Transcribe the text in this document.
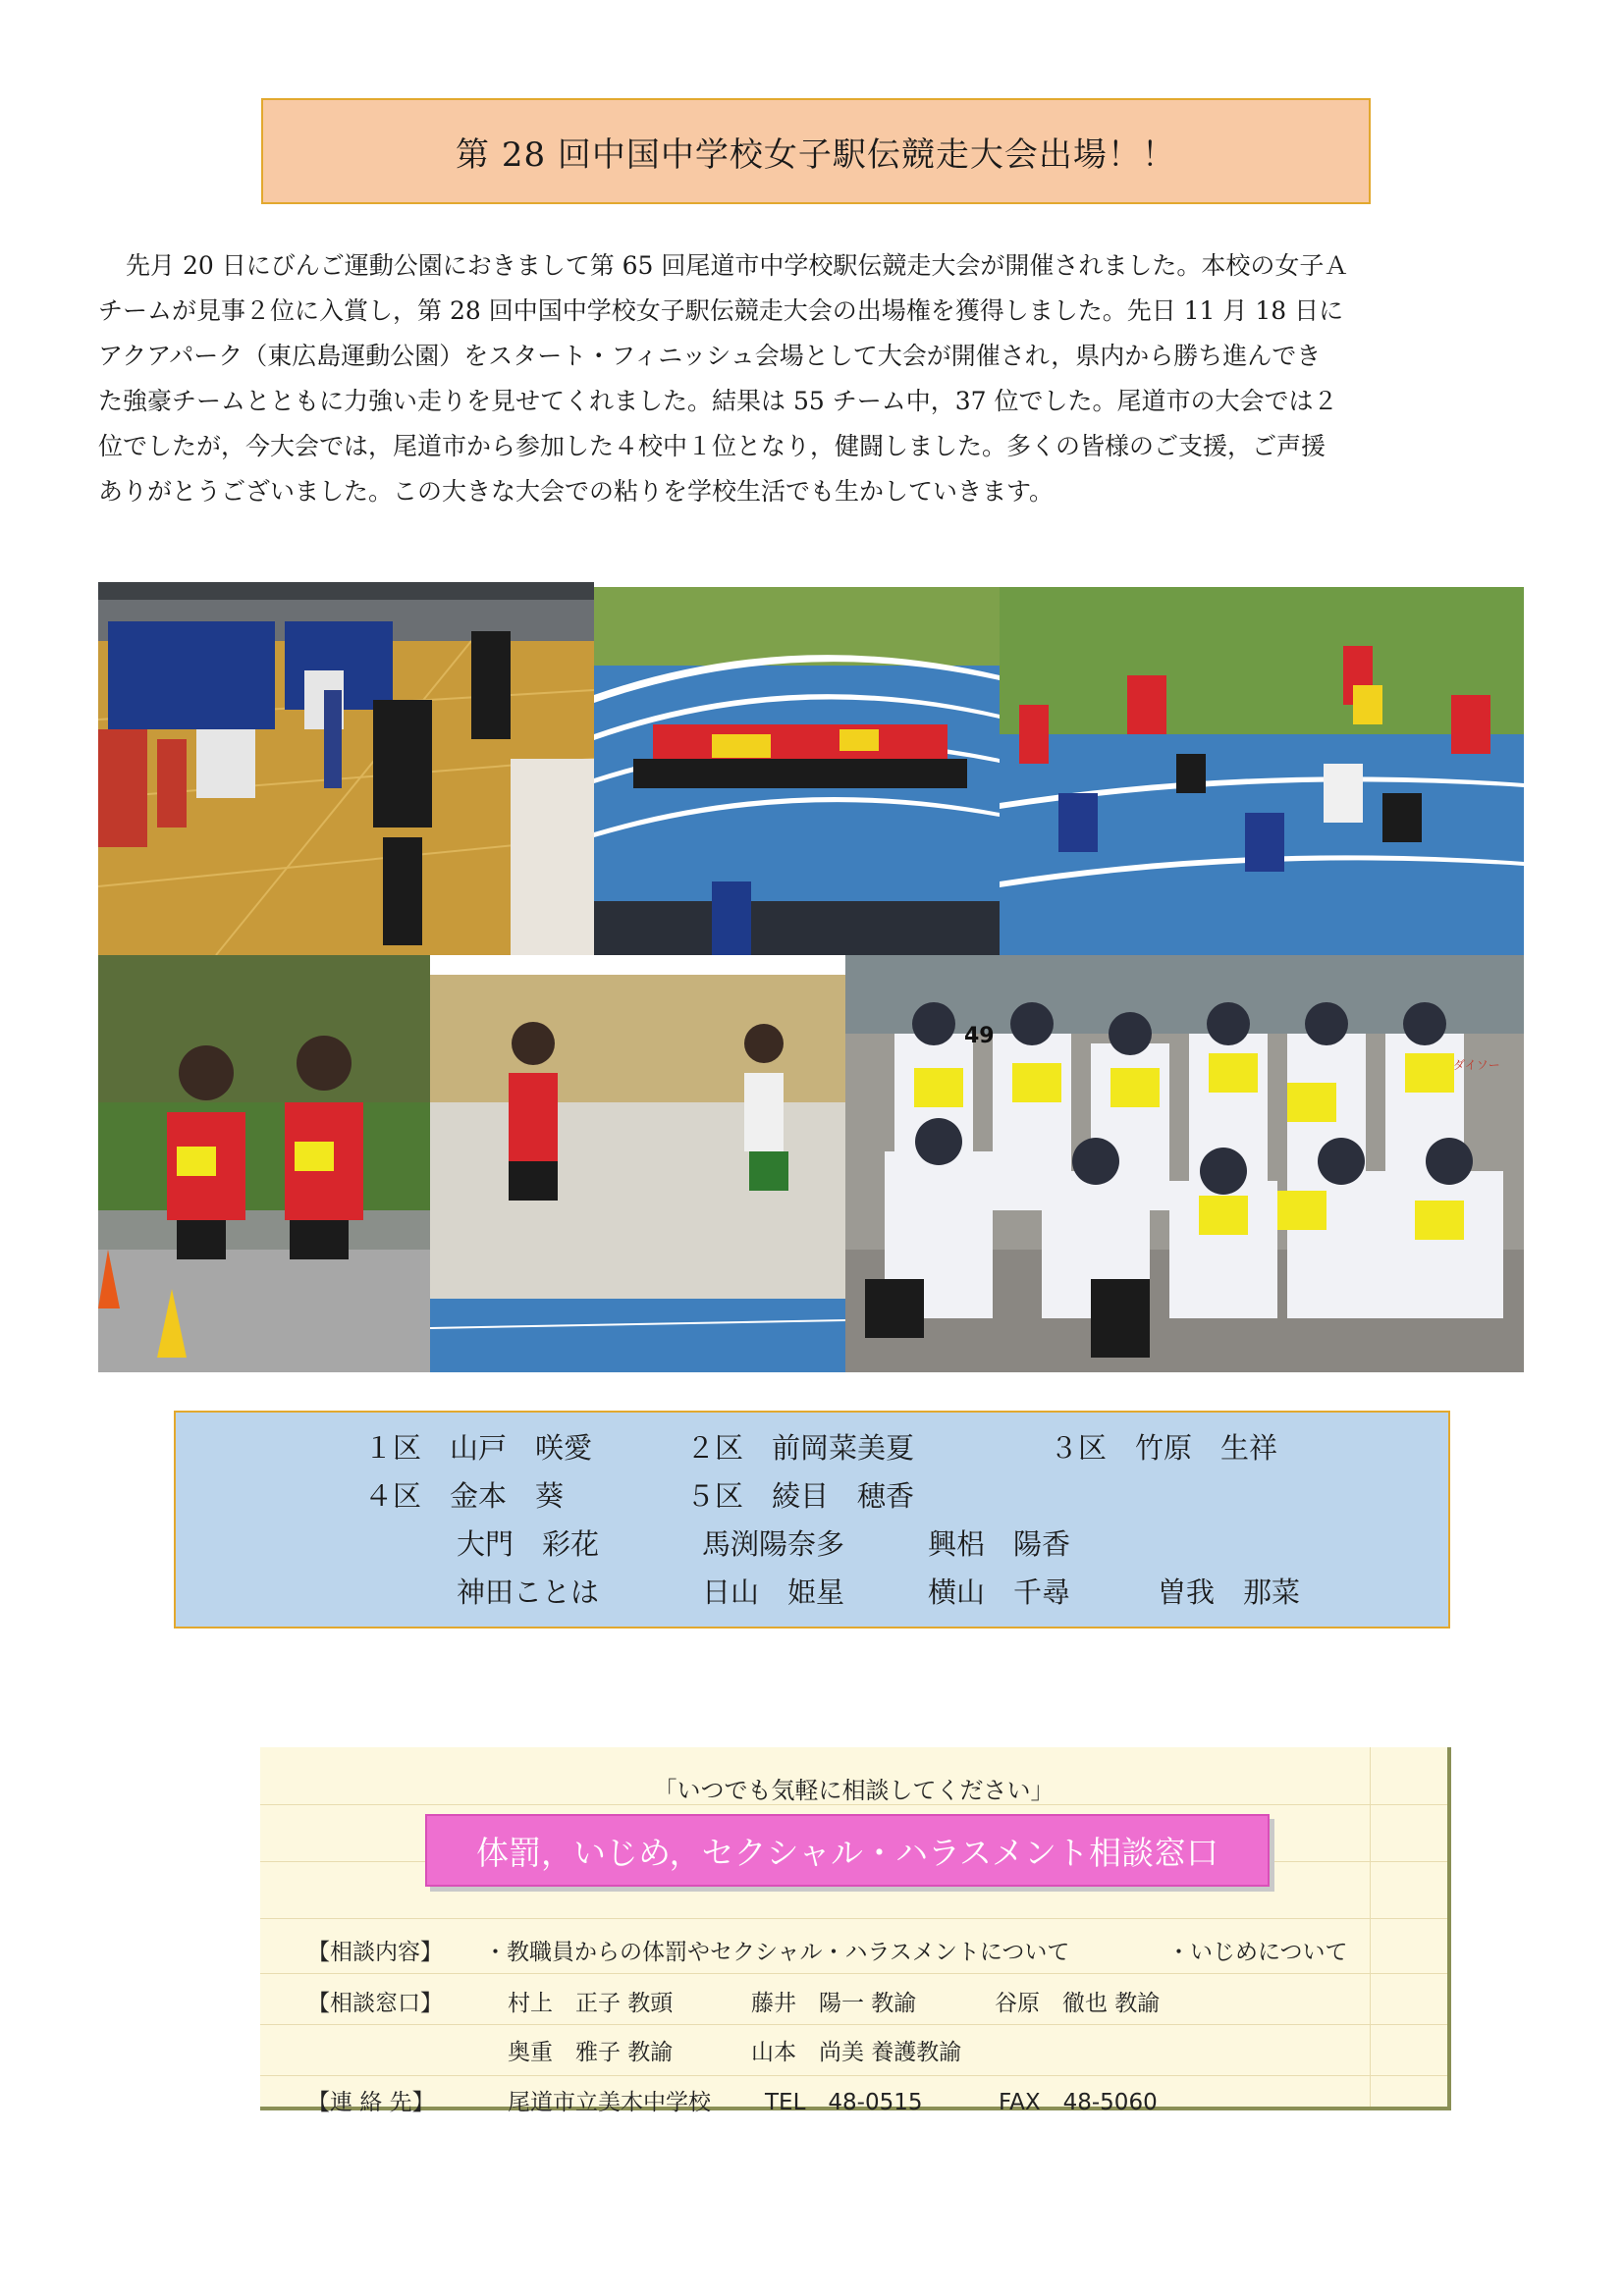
第 28 回中国中学校女子駅伝競走大会出場！！

先月 20 日にびんご運動公園におきまして第 65 回尾道市中学校駅伝競走大会が開催されました。本校の女子Ａ

チームが見事２位に入賞し，第 28 回中国中学校女子駅伝競走大会の出場権を獲得しました。先日 11 月 18 日に

アクアパーク（東広島運動公園）をスタート・フィニッシュ会場として大会が開催され，県内から勝ち進んでき

た強豪チームとともに力強い走りを見せてくれました。結果は 55 チーム中，37 位でした。尾道市の大会では２

位でしたが，今大会では，尾道市から参加した４校中１位となり，健闘しました。多くの皆様のご支援，ご声援

ありがとうございました。この大きな大会での粘りを学校生活でも生かしていきます。

49
ダイソー
１区　山戸　咲愛	２区　前岡菜美夏	３区　竹原　生祥
４区　金本　葵	５区　綾目　穂香
大門　彩花	馬渕陽奈多	興梠　陽香
神田ことは	日山　姫星	横山　千尋	曽我　那菜
「いつでも気軽に相談してください」
体罰，いじめ，セクシャル・ハラスメント相談窓口
【相談内容】 ・教職員からの体罰やセクシャル・ハラスメントについて	・いじめについて
【相談窓口】	村上　正子 教頭	藤井　陽一 教諭	谷原　徹也 教諭
奥重　雅子 教諭	山本　尚美 養護教諭
【連 絡 先】	尾道市立美木中学校 TEL　48-0515	FAX　48-5060
